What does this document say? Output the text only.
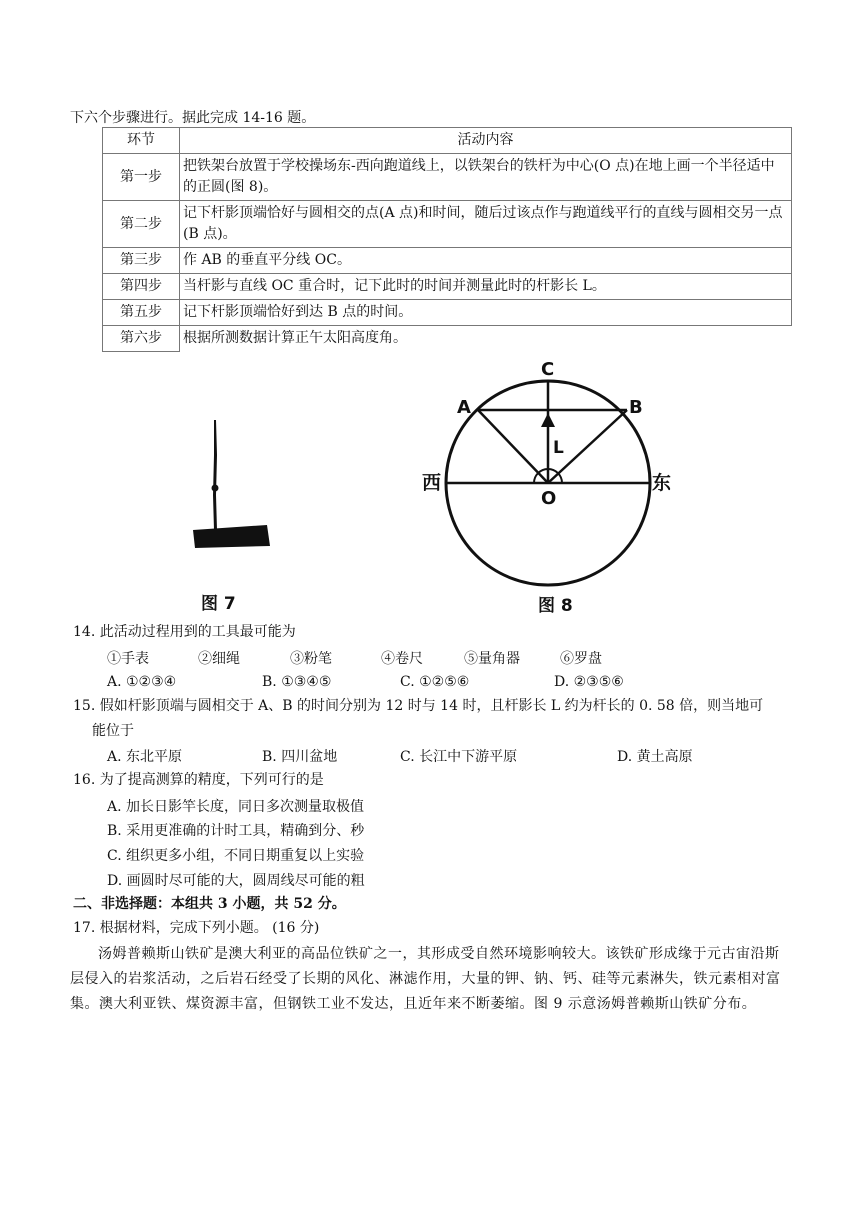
下六个步骤进行。据此完成 14-16 题。
环节	活动内容
第一步	把铁架台放置于学校操场东-西向跑道线上，以铁架台的铁杆为中心(O 点)在地上画一个半径适中的正圆(图 8)。
第二步	记下杆影顶端恰好与圆相交的点(A 点)和时间，随后过该点作与跑道线平行的直线与圆相交另一点(B 点)。
第三步	作 AB 的垂直平分线 OC。
第四步	当杆影与直线 OC 重合时，记下此时的时间并测量此时的杆影长 L。
第五步	记下杆影顶端恰好到达 B 点的时间。
第六步	根据所测数据计算正午太阳高度角。
图 7
C
A	B
L
O
西	东
图 8
14. 此活动过程用到的工具最可能为
①手表	②细绳	③粉笔	④卷尺	⑤量角器	⑥罗盘
A. ①②③④	B. ①③④⑤	C. ①②⑤⑥	D. ②③⑤⑥
15. 假如杆影顶端与圆相交于 A、B 的时间分别为 12 时与 14 时，且杆影长 L 约为杆长的 0. 58 倍，则当地可
能位于
A. 东北平原	B. 四川盆地	C. 长江中下游平原	D. 黄土高原
16. 为了提高测算的精度，下列可行的是
A. 加长日影竿长度，同日多次测量取极值
B. 采用更准确的计时工具，精确到分、秒
C. 组织更多小组，不同日期重复以上实验
D. 画圆时尽可能的大，圆周线尽可能的粗
二、非选择题：本组共 3 小题，共 52 分。
17. 根据材料，完成下列小题。 (16 分)
汤姆普赖斯山铁矿是澳大利亚的高品位铁矿之一，其形成受自然环境影响较大。该铁矿形成缘于元古宙沿斯层侵入的岩浆活动，之后岩石经受了长期的风化、淋滤作用，大量的钾、钠、钙、硅等元素淋失，铁元素相对富集。澳大利亚铁、煤资源丰富，但钢铁工业不发达，且近年来不断萎缩。图 9 示意汤姆普赖斯山铁矿分布。
